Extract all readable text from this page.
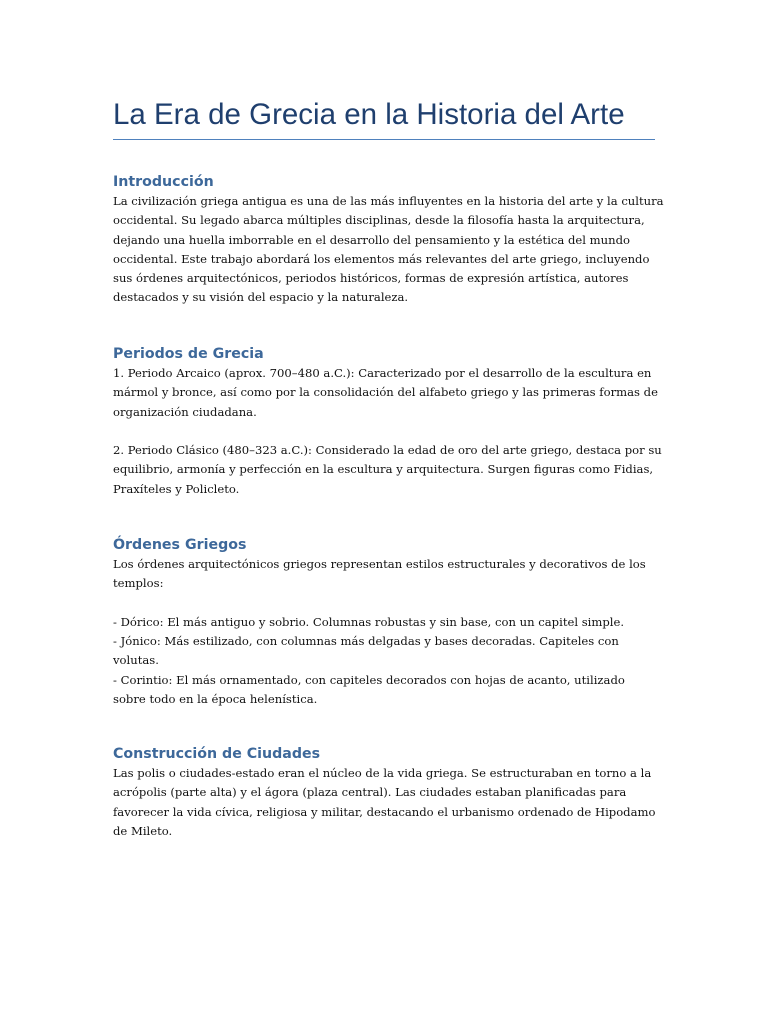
La Era de Grecia en la Historia del Arte
Introducción

La civilización griega antigua es una de las más influyentes en la historia del arte y la cultura
occidental. Su legado abarca múltiples disciplinas, desde la filosofía hasta la arquitectura,
dejando una huella imborrable en el desarrollo del pensamiento y la estética del mundo
occidental. Este trabajo abordará los elementos más relevantes del arte griego, incluyendo
sus órdenes arquitectónicos, periodos históricos, formas de expresión artística, autores
destacados y su visión del espacio y la naturaleza.

Periodos de Grecia

1. Periodo Arcaico (aprox. 700–480 a.C.): Caracterizado por el desarrollo de la escultura en
mármol y bronce, así como por la consolidación del alfabeto griego y las primeras formas de
organización ciudadana.

2. Periodo Clásico (480–323 a.C.): Considerado la edad de oro del arte griego, destaca por su
equilibrio, armonía y perfección en la escultura y arquitectura. Surgen figuras como Fidias,
Praxíteles y Policleto.

Órdenes Griegos

Los órdenes arquitectónicos griegos representan estilos estructurales y decorativos de los
templos:

- Dórico: El más antiguo y sobrio. Columnas robustas y sin base, con un capitel simple.
- Jónico: Más estilizado, con columnas más delgadas y bases decoradas. Capiteles con
volutas.
- Corintio: El más ornamentado, con capiteles decorados con hojas de acanto, utilizado
sobre todo en la época helenística.

Construcción de Ciudades

Las polis o ciudades-estado eran el núcleo de la vida griega. Se estructuraban en torno a la
acrópolis (parte alta) y el ágora (plaza central). Las ciudades estaban planificadas para
favorecer la vida cívica, religiosa y militar, destacando el urbanismo ordenado de Hipodamo
de Mileto.
